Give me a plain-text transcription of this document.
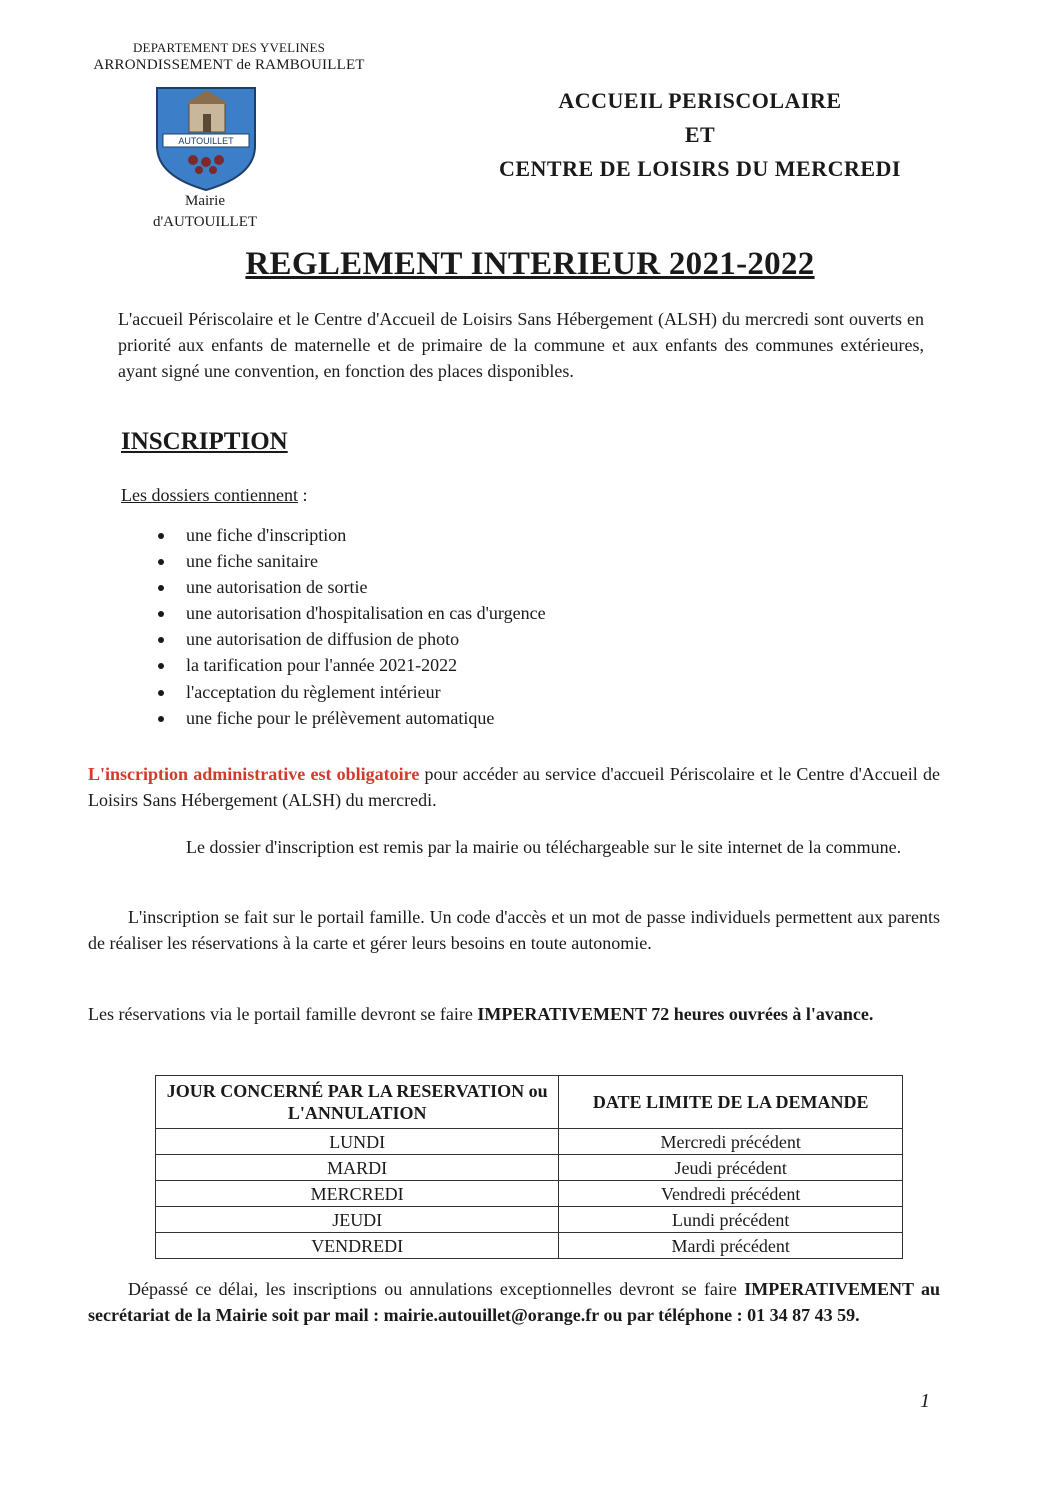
DEPARTEMENT DES YVELINES
ARRONDISSEMENT de RAMBOUILLET
AUTOUILLET
Mairie
d'AUTOUILLET
ACCUEIL PERISCOLAIRE
ET
CENTRE DE LOISIRS DU MERCREDI
REGLEMENT INTERIEUR 2021-2022
L'accueil Périscolaire et le Centre d'Accueil de Loisirs Sans Hébergement (ALSH) du mercredi sont ouverts en priorité aux enfants de maternelle et de primaire de la commune et aux enfants des communes extérieures, ayant signé une convention, en fonction des places disponibles.
INSCRIPTION
Les dossiers contiennent :
une fiche d'inscription
une fiche sanitaire
une autorisation de sortie
une autorisation d'hospitalisation en cas d'urgence
une autorisation de diffusion de photo
la tarification pour l'année 2021-2022
l'acceptation du règlement intérieur
une fiche pour le prélèvement automatique
L'inscription administrative est obligatoire pour accéder au service d'accueil Périscolaire et le Centre d'Accueil de Loisirs Sans Hébergement (ALSH) du mercredi.
Le dossier d'inscription est remis par la mairie ou téléchargeable sur le site internet de la commune.
L'inscription se fait sur le portail famille. Un code d'accès et un mot de passe individuels permettent aux parents de réaliser les réservations à la carte et gérer leurs besoins en toute autonomie.
Les réservations via le portail famille devront se faire IMPERATIVEMENT 72 heures ouvrées à l'avance.
JOUR CONCERNÉ PAR LA RESERVATION ou L'ANNULATION	DATE LIMITE DE LA DEMANDE
LUNDI	Mercredi précédent
MARDI	Jeudi précédent
MERCREDI	Vendredi précédent
JEUDI	Lundi précédent
VENDREDI	Mardi précédent
Dépassé ce délai, les inscriptions ou annulations exceptionnelles devront se faire IMPERATIVEMENT au secrétariat de la Mairie soit par mail : mairie.autouillet@orange.fr ou par téléphone : 01 34 87 43 59.
1
